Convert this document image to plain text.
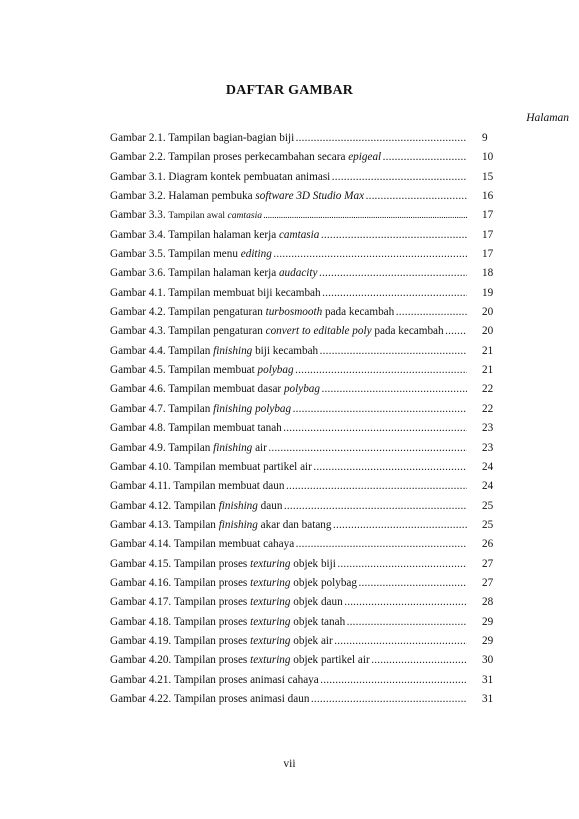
DAFTAR GAMBAR
Halaman
Gambar 2.1. Tampilan bagian-bagian biji . . .	9
Gambar 2.2. Tampilan proses perkecambahan secara epigeal . . .	10
Gambar 3.1. Diagram kontek pembuatan animasi . . .	15
Gambar 3.2. Halaman pembuka software 3D Studio Max . . .	16
Gambar 3.3. Tampilan awal camtasia . . .	17
Gambar 3.4. Tampilan halaman kerja camtasia . . .	17
Gambar 3.5. Tampilan menu editing . . .	17
Gambar 3.6. Tampilan halaman kerja audacity . . .	18
Gambar 4.1. Tampilan membuat biji kecambah . . .	19
Gambar 4.2. Tampilan pengaturan turbosmooth pada kecambah . . .	20
Gambar 4.3. Tampilan pengaturan convert to editable poly pada kecambah . . .	20
Gambar 4.4. Tampilan finishing biji kecambah . . .	21
Gambar 4.5. Tampilan membuat polybag . . .	21
Gambar 4.6. Tampilan membuat dasar polybag . . .	22
Gambar 4.7. Tampilan finishing polybag . . .	22
Gambar 4.8. Tampilan membuat tanah . . .	23
Gambar 4.9. Tampilan finishing air . . .	23
Gambar 4.10. Tampilan membuat partikel air . . .	24
Gambar 4.11. Tampilan membuat daun . . .	24
Gambar 4.12. Tampilan finishing daun . . .	25
Gambar 4.13. Tampilan finishing akar dan batang . . .	25
Gambar 4.14. Tampilan membuat cahaya . . .	26
Gambar 4.15. Tampilan proses texturing objek biji . . .	27
Gambar 4.16. Tampilan proses texturing objek polybag . . .	27
Gambar 4.17. Tampilan proses texturing objek daun . . .	28
Gambar 4.18. Tampilan proses texturing objek tanah . . .	29
Gambar 4.19. Tampilan proses texturing objek air . . .	29
Gambar 4.20. Tampilan proses texturing objek partikel air . . .	30
Gambar 4.21. Tampilan proses animasi cahaya . . .	31
Gambar 4.22. Tampilan proses animasi daun . . .	31
vii
